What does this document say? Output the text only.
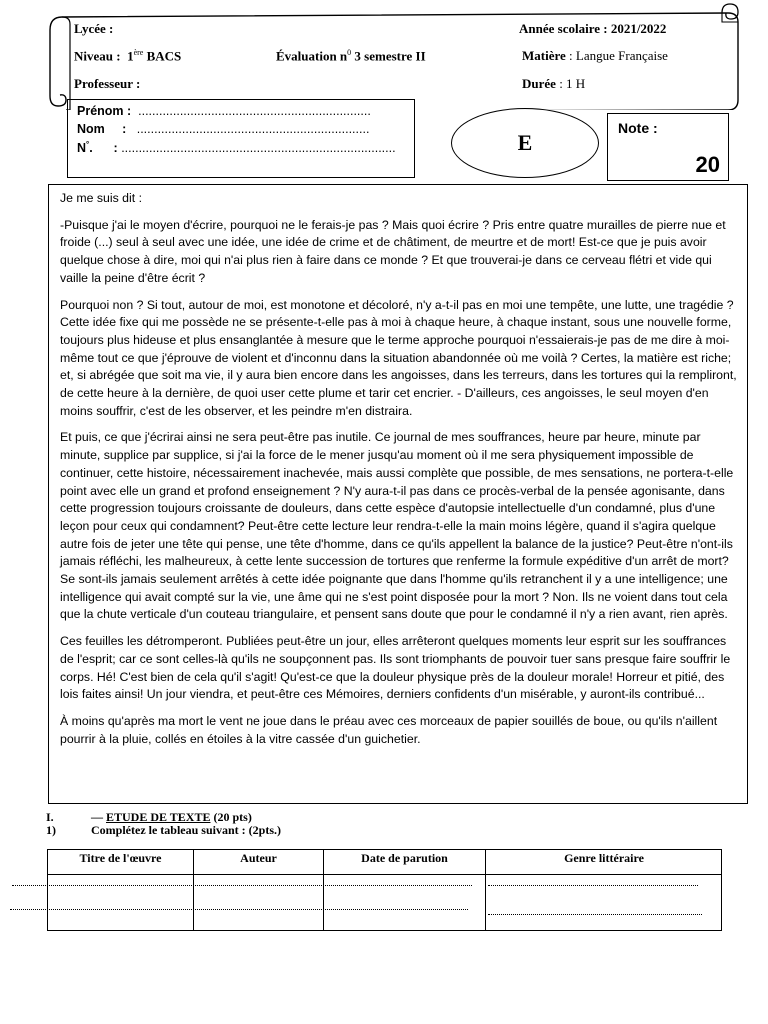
Lycée :
Niveau : 1ère BACS
Professeur :
Évaluation $n^0$ 3 semestre II
Année scolaire : 2021/2022
Matière : Langue Française
Durée : 1 H
Prénom : ...................................................................
Nom     : ...................................................................
N°.      : ...............................................................................	E
Note :
20

Je me suis dit :

-Puisque j'ai le moyen d'écrire, pourquoi ne le ferais-je pas ? Mais quoi écrire ? Pris entre quatre murailles de pierre nue et froide (...) seul à seul avec une idée, une idée de crime et de châtiment, de meurtre et de mort! Est-ce que je puis avoir quelque chose à dire, moi qui n'ai plus rien à faire dans ce monde ? Et que trouverai-je dans ce cerveau flétri et vide qui vaille la peine d'être écrit ?

Pourquoi non ? Si tout, autour de moi, est monotone et décoloré, n'y a-t-il pas en moi une tempête, une lutte, une tragédie ? Cette idée fixe qui me possède ne se présente-t-elle pas à moi à chaque heure, à chaque instant, sous une nouvelle forme, toujours plus hideuse et plus ensanglantée à mesure que le terme approche pourquoi n'essaierais-je pas de me dire à moi-même tout ce que j'éprouve de violent et d'inconnu dans la situation abandonnée où me voilà ? Certes, la matière est riche; et, si abrégée que soit ma vie, il y aura bien encore dans les angoisses, dans les terreurs, dans les tortures qui la rempliront, de cette heure à la dernière, de quoi user cette plume et tarir cet encrier. - D'ailleurs, ces angoisses, le seul moyen d'en moins souffrir, c'est de les observer, et les peindre m'en distraira.

Et puis, ce que j'écrirai ainsi ne sera peut-être pas inutile. Ce journal de mes souffrances, heure par heure, minute par minute, supplice par supplice, si j'ai la force de le mener jusqu'au moment où il me sera physiquement impossible de continuer, cette histoire, nécessairement inachevée, mais aussi complète que possible, de mes sensations, ne portera-t-elle point avec elle un grand et profond enseignement ? N'y aura-t-il pas dans ce procès-verbal de la pensée agonisante, dans cette progression toujours croissante de douleurs, dans cette espèce d'autopsie intellectuelle d'un condamné, plus d'une leçon pour ceux qui condamnent? Peut-être cette lecture leur rendra-t-elle la main moins légère, quand il s'agira quelque autre fois de jeter une tête qui pense, une tête d'homme, dans ce qu'ils appellent la balance de la justice? Peut-être n'ont-ils jamais réfléchi, les malheureux, à cette lente succession de tortures que renferme la formule expéditive d'un arrêt de mort? Se sont-ils jamais seulement arrêtés à cette idée poignante que dans l'homme qu'ils retranchent il y a une intelligence; une intelligence qui avait compté sur la vie, une âme qui ne s'est point disposée pour la mort ? Non. Ils ne voient dans tout cela que la chute verticale d'un couteau triangulaire, et pensent sans doute que pour le condamné il n'y a rien avant, rien après.

Ces feuilles les détromperont. Publiées peut-être un jour, elles arrêteront quelques moments leur esprit sur les souffrances de l'esprit; car ce sont celles-là qu'ils ne soupçonnent pas. Ils sont triomphants de pouvoir tuer sans presque faire souffrir le corps. Hé! C'est bien de cela qu'il s'agit! Qu'est-ce que la douleur physique près de la douleur morale! Horreur et pitié, des lois faites ainsi! Un jour viendra, et peut-être ces Mémoires, derniers confidents d'un misérable, y auront-ils contribué...

À moins qu'après ma mort le vent ne joue dans le préau avec ces morceaux de papier souillés de boue, ou qu'ils n'aillent pourrir à la pluie, collés en étoiles à la vitre cassée d'un guichetier.

I.	— ETUDE DE TEXTE (20 pts)
1)	Complétez le tableau suivant : (2pts.)
Titre de l'œuvre	Auteur	Date de parution	Genre littéraire
